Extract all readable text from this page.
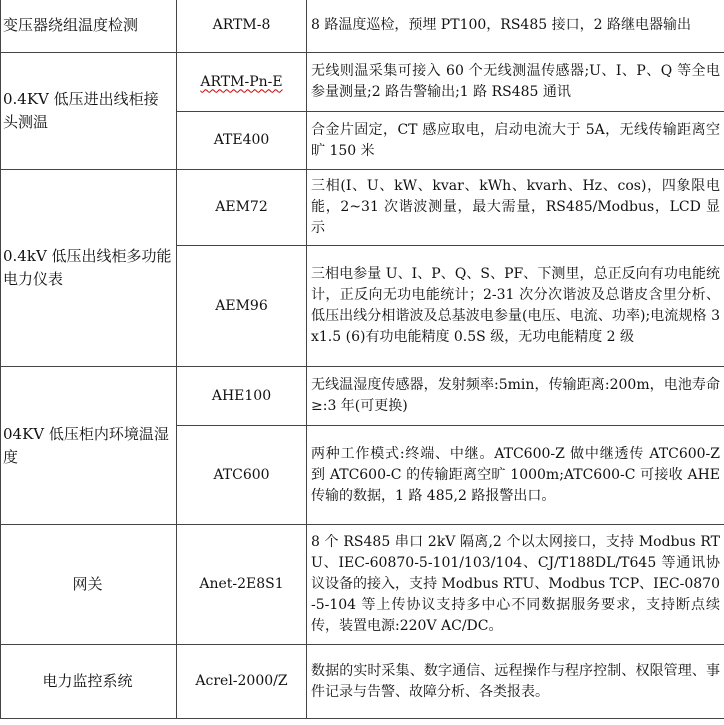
变压器绕组温度检测	ARTM-8	8 路温度巡检，预埋 PT100，RS485 接口，2 路继电器输出
0.4KV 低压进出线柜接头测温	ARTM-Pn-E	无线则温采集可接入 60 个无线测温传感器;U、I、P、Q 等全电参量测量;2 路告警输出;1 路 RS485 通讯
	ATE400	合金片固定，CT 感应取电，启动电流大于 5A，无线传输距离空旷 150 米
0.4kV 低压出线柜多功能电力仪表	AEM72	三相(I、U、kW、kvar、kWh、kvarh、Hz、cos)，四象限电能，2~31 次谐波测量，最大需量，RS485/Modbus，LCD 显示
	AEM96	三相电参量 U、I、P、Q、S、PF、下测里，总正反向有功电能统计，正反向无功电能统计；2-31 次分次谐波及总谐皮含里分析、低压出线分相谐波及总基波电参量(电压、电流、功率);电流规格 3x1.5 (6)有功电能精度 0.5S 级，无功电能精度 2 级
04KV 低压柜内环境温湿度	AHE100	无线温湿度传感器，发射频率:5min，传输距离:200m，电池寿命≥:3 年(可更换)
	ATC600	两种工作模式:终端、中继。ATC600-Z 做中继透传 ATC600-Z 到 ATC600-C 的传输距离空旷 1000m;ATC600-C 可接收 AHE 传输的数据，1 路 485,2 路报警出口。
网关	Anet-2E8S1	8 个 RS485 串口 2kV 隔离,2 个以太网接口，支持 Modbus RTU、IEC-60870-5-101/103/104、CJ/T188DL/T645 等通讯协议设备的接入，支持 Modbus RTU、Modbus TCP、IEC-0870-5-104 等上传协议支持多中心不同数据服务要求，支持断点续传，装置电源:220V AC/DC。
电力监控系统	Acrel-2000/Z	数据的实时采集、数字通信、远程操作与程序控制、权限管理、事件记录与告警、故障分析、各类报表。
